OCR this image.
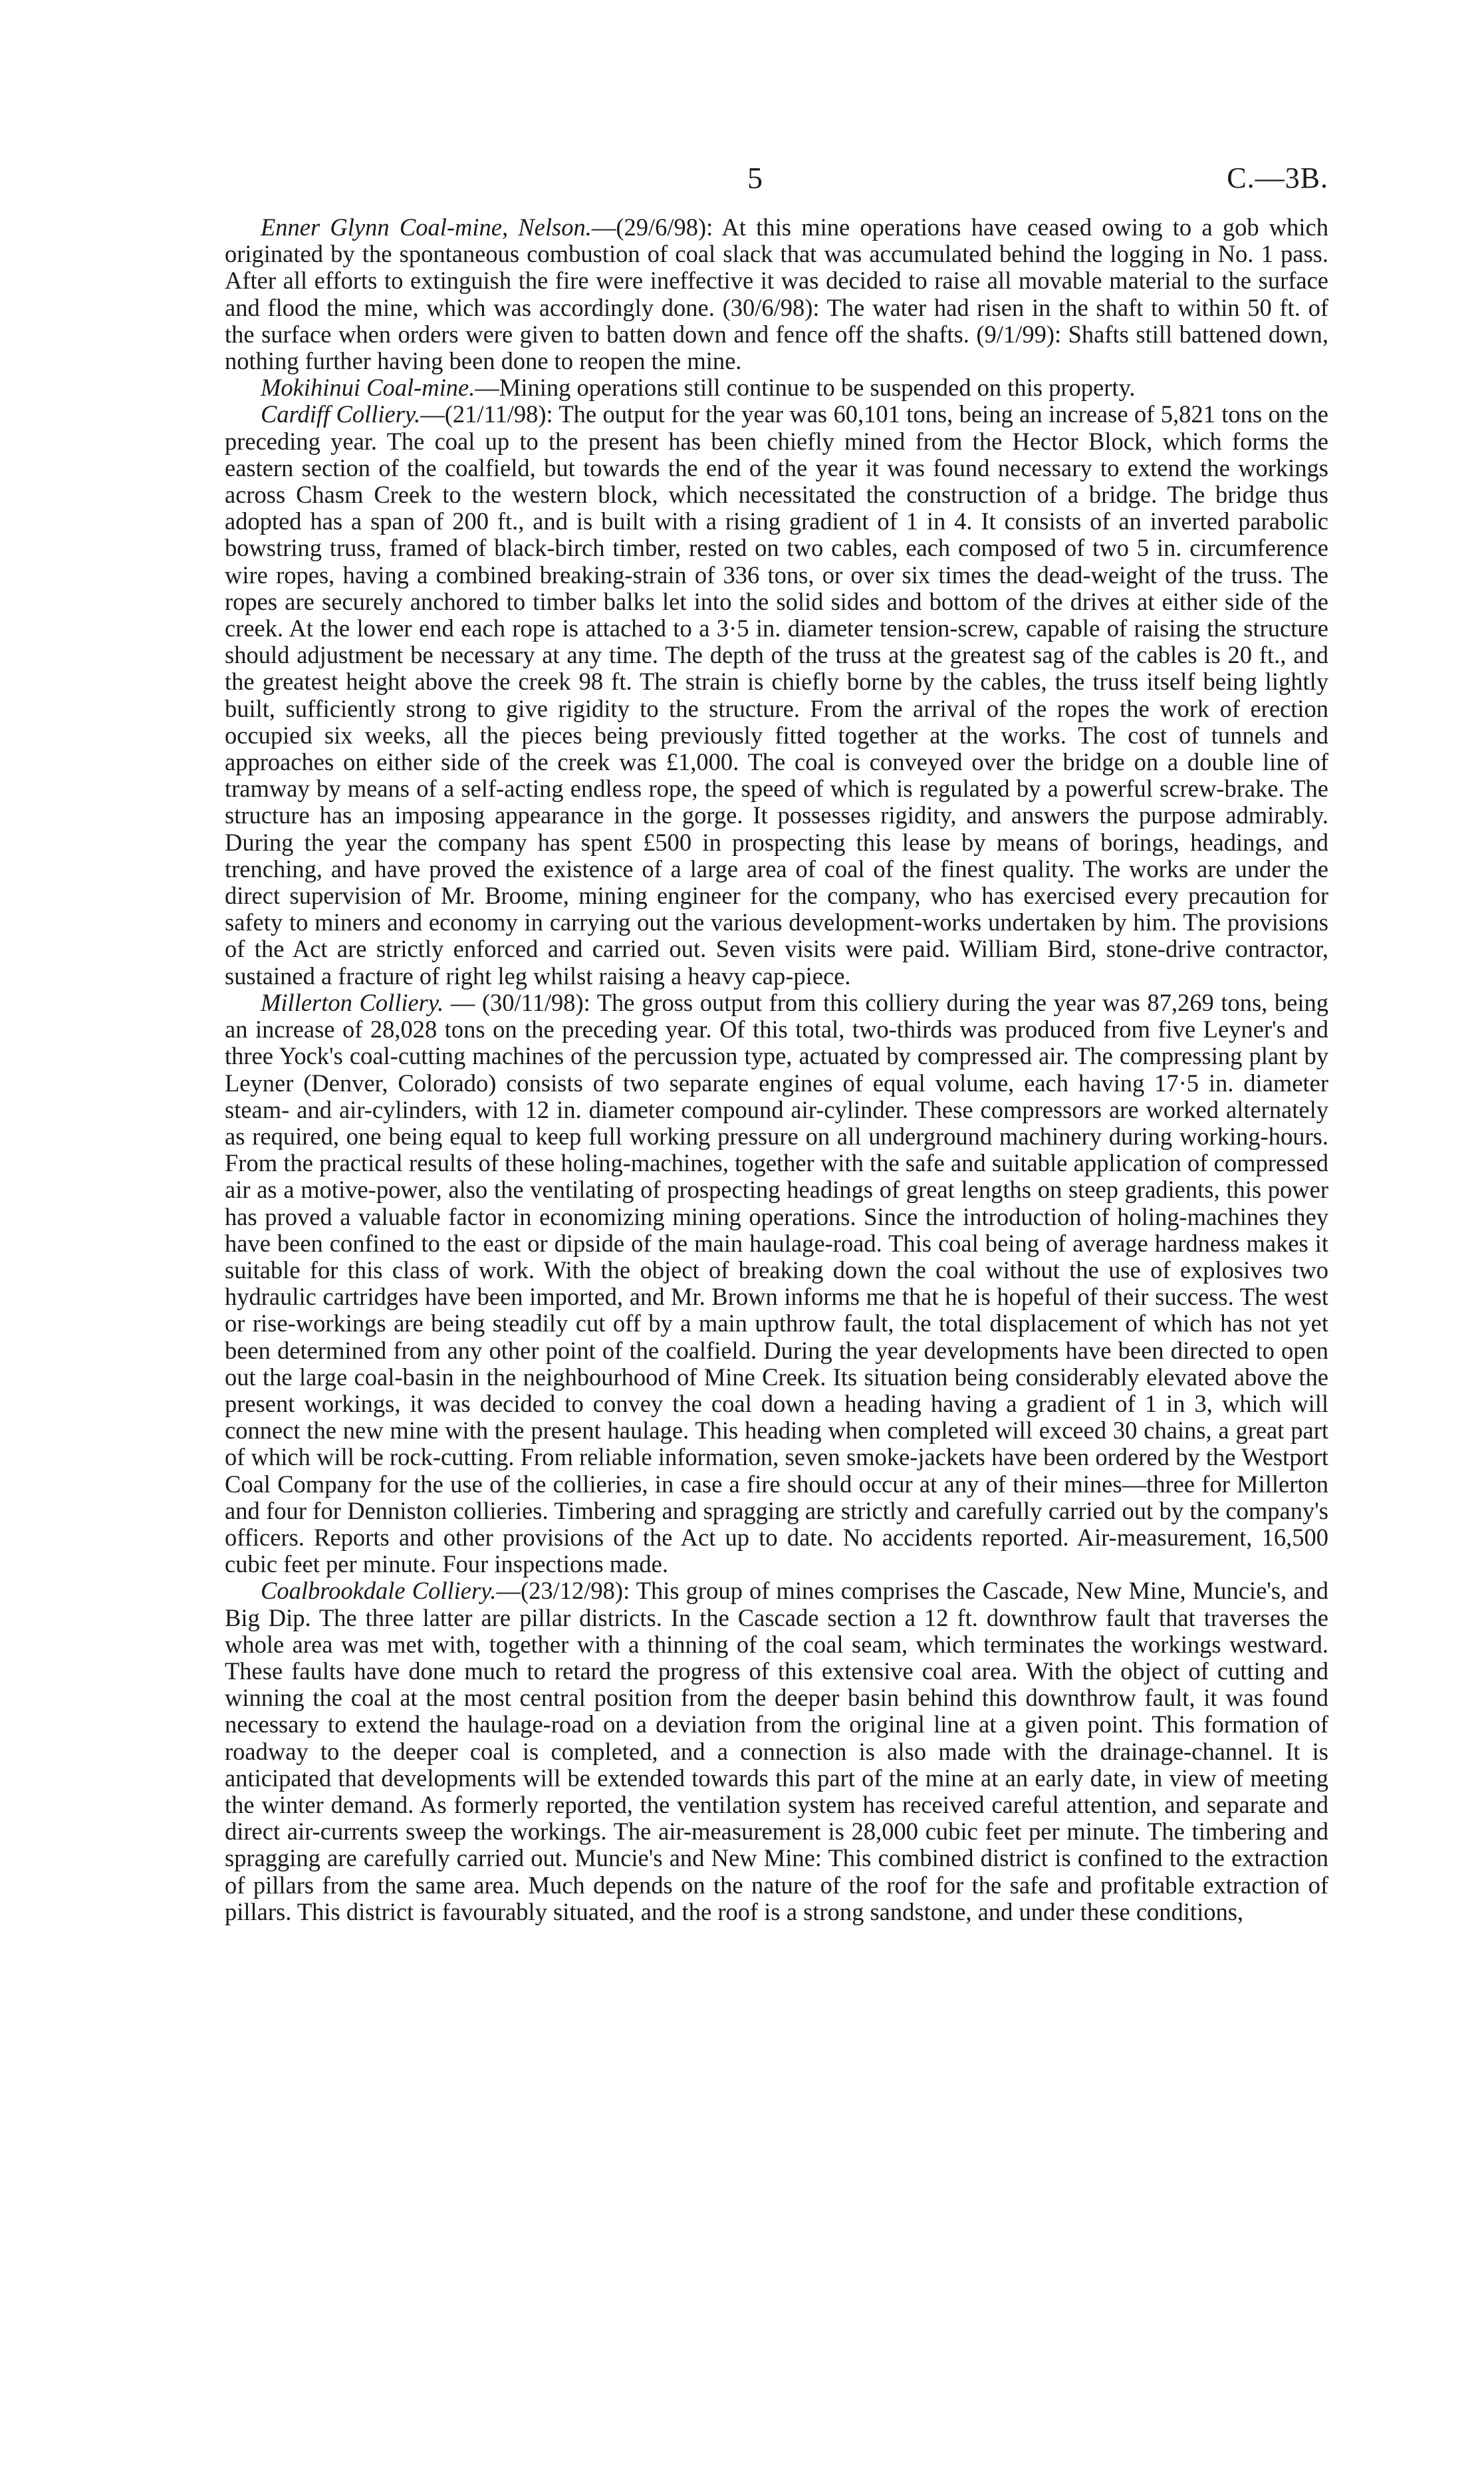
5	C.—3B.

Enner Glynn Coal-mine, Nelson.—(29/6/98): At this mine operations have ceased owing to a gob which originated by the spontaneous combustion of coal slack that was accumulated behind the logging in No. 1 pass. After all efforts to extinguish the fire were ineffective it was decided to raise all movable material to the surface and flood the mine, which was accordingly done. (30/6/98): The water had risen in the shaft to within 50 ft. of the surface when orders were given to batten down and fence off the shafts. (9/1/99): Shafts still battened down, nothing further having been done to reopen the mine.

Mokihinui Coal-mine.—Mining operations still continue to be suspended on this property.

Cardiff Colliery.—(21/11/98): The output for the year was 60,101 tons, being an increase of 5,821 tons on the preceding year. The coal up to the present has been chiefly mined from the Hector Block, which forms the eastern section of the coalfield, but towards the end of the year it was found necessary to extend the workings across Chasm Creek to the western block, which necessitated the construction of a bridge. The bridge thus adopted has a span of 200 ft., and is built with a rising gradient of 1 in 4. It consists of an inverted parabolic bowstring truss, framed of black-birch timber, rested on two cables, each composed of two 5 in. circumference wire ropes, having a combined breaking-strain of 336 tons, or over six times the dead-weight of the truss. The ropes are securely anchored to timber balks let into the solid sides and bottom of the drives at either side of the creek. At the lower end each rope is attached to a 3·5 in. diameter tension-screw, capable of raising the structure should adjustment be necessary at any time. The depth of the truss at the greatest sag of the cables is 20 ft., and the greatest height above the creek 98 ft. The strain is chiefly borne by the cables, the truss itself being lightly built, sufficiently strong to give rigidity to the structure. From the arrival of the ropes the work of erection occupied six weeks, all the pieces being previously fitted together at the works. The cost of tunnels and approaches on either side of the creek was £1,000. The coal is conveyed over the bridge on a double line of tramway by means of a self-acting endless rope, the speed of which is regulated by a powerful screw-brake. The structure has an imposing appearance in the gorge. It possesses rigidity, and answers the purpose admirably. During the year the company has spent £500 in prospecting this lease by means of borings, headings, and trenching, and have proved the existence of a large area of coal of the finest quality. The works are under the direct supervision of Mr. Broome, mining engineer for the company, who has exercised every precaution for safety to miners and economy in carrying out the various development-works undertaken by him. The provisions of the Act are strictly enforced and carried out. Seven visits were paid. William Bird, stone-drive contractor, sustained a fracture of right leg whilst raising a heavy cap-piece.

Millerton Colliery. — (30/11/98): The gross output from this colliery during the year was 87,269 tons, being an increase of 28,028 tons on the preceding year. Of this total, two-thirds was produced from five Leyner's and three Yock's coal-cutting machines of the percussion type, actuated by compressed air. The compressing plant by Leyner (Denver, Colorado) consists of two separate engines of equal volume, each having 17·5 in. diameter steam- and air-cylinders, with 12 in. diameter compound air-cylinder. These compressors are worked alternately as required, one being equal to keep full working pressure on all underground machinery during working-hours. From the practical results of these holing-machines, together with the safe and suitable application of compressed air as a motive-power, also the ventilating of prospecting headings of great lengths on steep gradients, this power has proved a valuable factor in economizing mining operations. Since the introduction of holing-machines they have been confined to the east or dipside of the main haulage-road. This coal being of average hardness makes it suitable for this class of work. With the object of breaking down the coal without the use of explosives two hydraulic cartridges have been imported, and Mr. Brown informs me that he is hopeful of their success. The west or rise-workings are being steadily cut off by a main upthrow fault, the total displacement of which has not yet been determined from any other point of the coalfield. During the year developments have been directed to open out the large coal-basin in the neighbourhood of Mine Creek. Its situation being considerably elevated above the present workings, it was decided to convey the coal down a heading having a gradient of 1 in 3, which will connect the new mine with the present haulage. This heading when completed will exceed 30 chains, a great part of which will be rock-cutting. From reliable information, seven smoke-jackets have been ordered by the Westport Coal Company for the use of the collieries, in case a fire should occur at any of their mines—three for Millerton and four for Denniston collieries. Timbering and spragging are strictly and carefully carried out by the company's officers. Reports and other provisions of the Act up to date. No accidents reported. Air-measurement, 16,500 cubic feet per minute. Four inspections made.

Coalbrookdale Colliery.—(23/12/98): This group of mines comprises the Cascade, New Mine, Muncie's, and Big Dip. The three latter are pillar districts. In the Cascade section a 12 ft. downthrow fault that traverses the whole area was met with, together with a thinning of the coal seam, which terminates the workings westward. These faults have done much to retard the progress of this extensive coal area. With the object of cutting and winning the coal at the most central position from the deeper basin behind this downthrow fault, it was found necessary to extend the haulage-road on a deviation from the original line at a given point. This formation of roadway to the deeper coal is completed, and a connection is also made with the drainage-channel. It is anticipated that developments will be extended towards this part of the mine at an early date, in view of meeting the winter demand. As formerly reported, the ventilation system has received careful attention, and separate and direct air-currents sweep the workings. The air-measurement is 28,000 cubic feet per minute. The timbering and spragging are carefully carried out. Muncie's and New Mine: This combined district is confined to the extraction of pillars from the same area. Much depends on the nature of the roof for the safe and profitable extraction of pillars. This district is favourably situated, and the roof is a strong sandstone, and under these conditions,
